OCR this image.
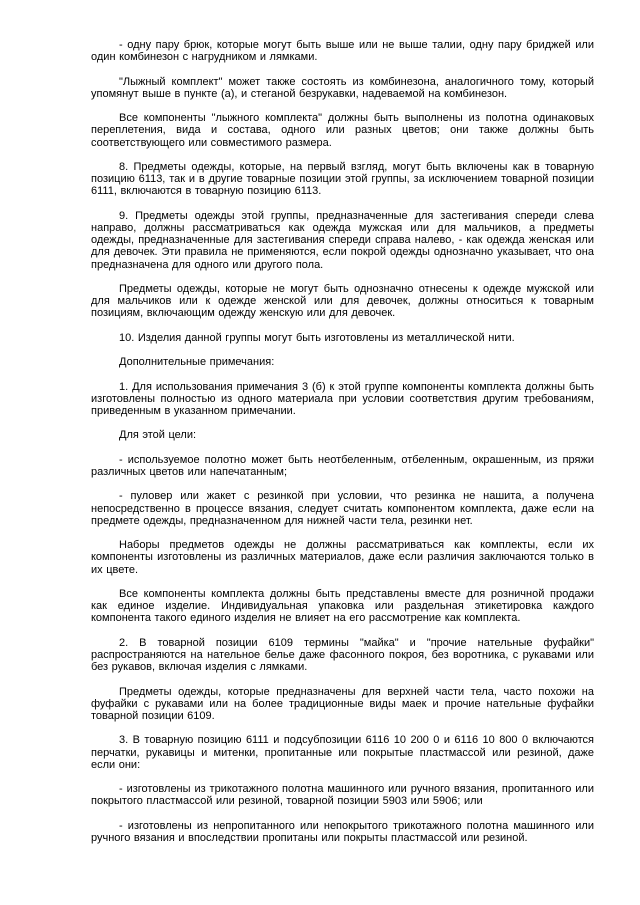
- одну пару брюк, которые могут быть выше или не выше талии, одну пару бриджей или один комбинезон с нагрудником и лямками.

"Лыжный комплект" может также состоять из комбинезона, аналогичного тому, который упомянут выше в пункте (а), и стеганой безрукавки, надеваемой на комбинезон.

Все компоненты "лыжного комплекта" должны быть выполнены из полотна одинаковых переплетения, вида и состава, одного или разных цветов; они также должны быть соответствующего или совместимого размера.

8. Предметы одежды, которые, на первый взгляд, могут быть включены как в товарную позицию 6113, так и в другие товарные позиции этой группы, за исключением товарной позиции 6111, включаются в товарную позицию 6113.

9. Предметы одежды этой группы, предназначенные для застегивания спереди слева направо, должны рассматриваться как одежда мужская или для мальчиков, а предметы одежды, предназначенные для застегивания спереди справа налево, - как одежда женская или для девочек. Эти правила не применяются, если покрой одежды однозначно указывает, что она предназначена для одного или другого пола.

Предметы одежды, которые не могут быть однозначно отнесены к одежде мужской или для мальчиков или к одежде женской или для девочек, должны относиться к товарным позициям, включающим одежду женскую или для девочек.

10. Изделия данной группы могут быть изготовлены из металлической нити.

Дополнительные примечания:

1. Для использования примечания 3 (б) к этой группе компоненты комплекта должны быть изготовлены полностью из одного материала при условии соответствия другим требованиям, приведенным в указанном примечании.

Для этой цели:

- используемое полотно может быть неотбеленным, отбеленным, окрашенным, из пряжи различных цветов или напечатанным;

- пуловер или жакет с резинкой при условии, что резинка не нашита, а получена непосредственно в процессе вязания, следует считать компонентом комплекта, даже если на предмете одежды, предназначенном для нижней части тела, резинки нет.

Наборы предметов одежды не должны рассматриваться как комплекты, если их компоненты изготовлены из различных материалов, даже если различия заключаются только в их цвете.

Все компоненты комплекта должны быть представлены вместе для розничной продажи как единое изделие. Индивидуальная упаковка или раздельная этикетировка каждого компонента такого единого изделия не влияет на его рассмотрение как комплекта.

2. В товарной позиции 6109 термины "майка" и "прочие нательные фуфайки" распространяются на нательное белье даже фасонного покроя, без воротника, с рукавами или без рукавов, включая изделия с лямками.

Предметы одежды, которые предназначены для верхней части тела, часто похожи на фуфайки с рукавами или на более традиционные виды маек и прочие нательные фуфайки товарной позиции 6109.

3. В товарную позицию 6111 и подсубпозиции 6116 10 200 0 и 6116 10 800 0 включаются перчатки, рукавицы и митенки, пропитанные или покрытые пластмассой или резиной, даже если они:

- изготовлены из трикотажного полотна машинного или ручного вязания, пропитанного или покрытого пластмассой или резиной, товарной позиции 5903 или 5906; или

- изготовлены из непропитанного или непокрытого трикотажного полотна машинного или ручного вязания и впоследствии пропитаны или покрыты пластмассой или резиной.
